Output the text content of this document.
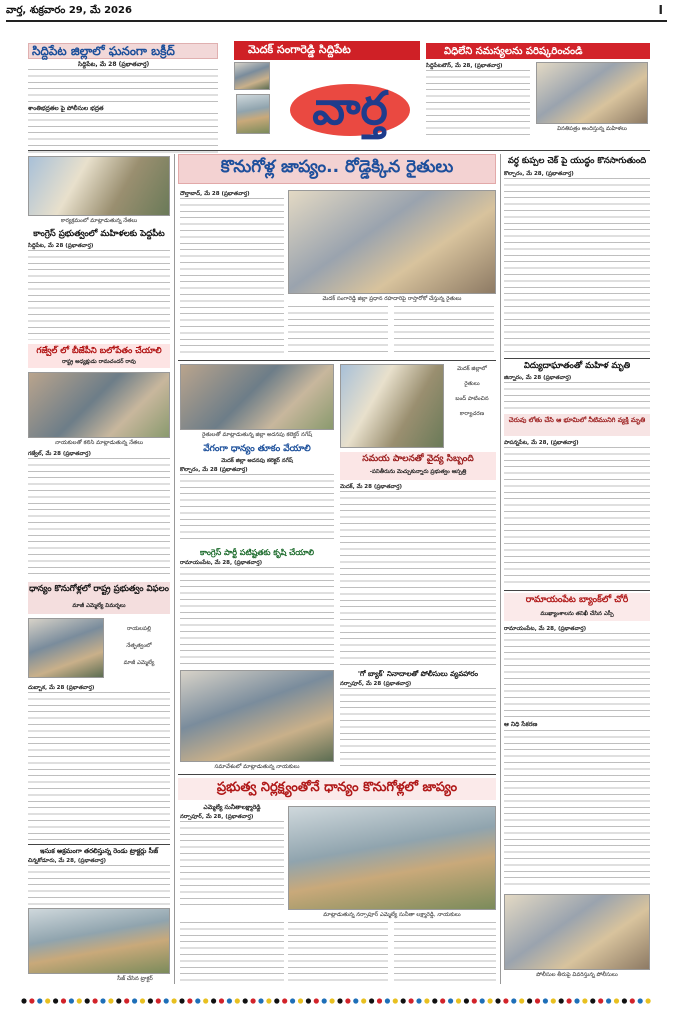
వార్త, శుక్రవారం 29, మే 2026	I
సిద్దిపేట జిల్లాలో ఘనంగా బక్రీద్
సిద్దిపేట, మే 28 (ప్రభాతవార్త)
శాంతిభద్రతల పై పోలీసుల భద్రత
మెదక్ సంగారెడ్డి సిద్దిపేట
వార్త
విధిలేని సమస్యలను పరిష్కరించండి
సిద్దిపేటటౌన్, మే 28, (ప్రభాతవార్త)
వినతిపత్రం అందిస్తున్న మహిళలు
కార్యక్రమంలో మాట్లాడుతున్న నేతలు
కాంగ్రెస్ ప్రభుత్వంలో మహిళలకు పెద్దపీట
సిద్దిపేట, మే 28 (ప్రభాతవార్త)
గజ్వేల్ లో బీజేపీని బలోపేతం చేయాలి
రాష్ట్ర అధ్యక్షుడు రామచందర్ రావు
నాయకులతో కలిసి మాట్లాడుతున్న నేతలు
గజ్వేల్, మే 28 (ప్రభాతవార్త)
ధాన్యం కొనుగోళ్లలో రాష్ట్ర ప్రభుత్వం విఫలం
మాజీ ఎమ్మెల్యే విమర్శలు
రాయలపల్లి
నేతృత్వంలో
మాజీ ఎమ్మెల్యే
దుబ్బాక, మే 28 (ప్రభాతవార్త)
ఇసుక అక్రమంగా తరలిస్తున్న రెండు ట్రాక్టర్లు సీజ్
చిన్నకోడూరు, మే 28, (ప్రభాతవార్త)
సీజ్ చేసిన ట్రాక్టర్
కొనుగోళ్ల జాప్యం.. రోడ్డెక్కిన రైతులు
దౌల్తాబాద్, మే 28 (ప్రభాతవార్త)
మెదక్ సంగారెడ్డి జిల్లా ప్రధాన రహదారిపై రాస్తారోకో చేస్తున్న రైతులు
రైతులతో మాట్లాడుతున్న జిల్లా అదనపు కలెక్టర్ నగేష్
వేగంగా ధాన్యం తూకం వేయాలి
మెదక్ జిల్లా అదనపు కలెక్టర్ నగేష్
కొల్చారం, మే 28 (ప్రభాతవార్త)
మెదక్ జిల్లాలో
రైతులు
బంద్ పాటించిన
కార్యాచరణ
సమయ పాలనతో వైద్య సిబ్బంది
-పనితీరును మెచ్చుకున్నారు ప్రభుత్వం ఆస్పత్రి
మెదక్, మే 28 (ప్రభాతవార్త)
కాంగ్రెస్ పార్టీ పటిష్టతకు కృషి చేయాలి
రామాయంపేట, మే 28, (ప్రభాతవార్త)
'గో బ్యాక్' నినాదాలతో పోలీసులు వ్యవహారం
నర్సాపూర్, మే 28 (ప్రభాతవార్త)
సమావేశంలో మాట్లాడుతున్న నాయకులు
ప్రభుత్వ నిర్లక్ష్యంతోనే ధాన్యం కొనుగోళ్లలో జాప్యం
ఎమ్మెల్యే సునీతాలక్ష్మారెడ్డి
నర్సాపూర్, మే 28, (ప్రభాతవార్త)
మాట్లాడుతున్న నర్సాపూర్ ఎమ్మెల్యే సునీతా లక్ష్మారెడ్డి, నాయకులు
వర్ధ కుప్పల చెక్ పై యుద్ధం కొనసాగుతుంది
కొల్చారం, మే 28, (ప్రభాతవార్త)
విద్యుదాఘాతంతో మహిళ మృతి
జిన్నారం, మే 28 (ప్రభాతవార్త)
చెరువు లోతు చేసి ఆ భూమిలో నీటిమునిగి వ్యక్తి మృతి
పాపన్నపేట, మే 28, (ప్రభాతవార్త)
రామాయంపేట బ్యాంక్‌లో చోరీ
ముఖ్యాంశాలను తనిఖీ చేసిన ఎస్పీ
రామాయంపేట, మే 28, (ప్రభాతవార్త)
ఆ నిధి సేకరణ
పోలీసుల తీరుపై వివరిస్తున్న పోలీసులు
